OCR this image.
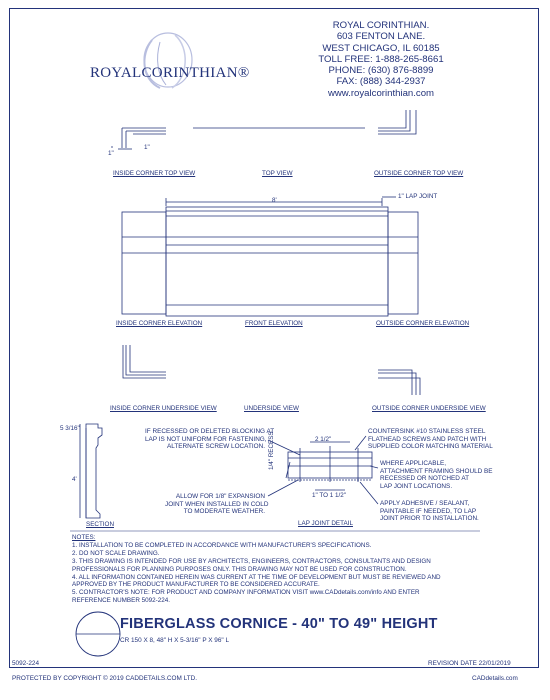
ROYALCORINTHIAN®
ROYAL CORINTHIAN.
603 FENTON LANE.
WEST CHICAGO, IL 60185
TOLL FREE: 1-888-265-8661
PHONE: (630) 876-8899
FAX: (888) 344-2937
www.royalcorinthian.com
INSIDE CORNER TOP VIEW	TOP VIEW	OUTSIDE CORNER TOP VIEW
INSIDE CORNER ELEVATION	FRONT ELEVATION	OUTSIDE CORNER ELEVATION
INSIDE CORNER UNDERSIDE VIEW	UNDERSIDE VIEW	OUTSIDE CORNER UNDERSIDE VIEW
SECTION	LAP JOINT DETAIL
1"
1"
8'
1" LAP JOINT
5 3/16"
4'
2 1/2"
1/4" RECESS
1" TO 1 1/2"
IF RECESSED OR DELETED BLOCKING AT
LAP IS NOT UNIFORM FOR FASTENING,
ALTERNATE SCREW LOCATION.
ALLOW FOR 1/8" EXPANSION
JOINT WHEN INSTALLED IN COLD
TO MODERATE WEATHER.
COUNTERSINK #10 STAINLESS STEEL
FLATHEAD SCREWS AND PATCH WITH
SUPPLIED COLOR MATCHING MATERIAL
WHERE APPLICABLE,
ATTACHMENT FRAMING SHOULD BE
RECESSED OR NOTCHED AT
LAP JOINT LOCATIONS.
APPLY ADHESIVE / SEALANT,
PAINTABLE IF NEEDED, TO LAP
JOINT PRIOR TO INSTALLATION.
NOTES:
1. INSTALLATION TO BE COMPLETED IN ACCORDANCE WITH MANUFACTURER'S SPECIFICATIONS.
2. DO NOT SCALE DRAWING.
3. THIS DRAWING IS INTENDED FOR USE BY ARCHITECTS, ENGINEERS, CONTRACTORS, CONSULTANTS AND DESIGN
PROFESSIONALS FOR PLANNING PURPOSES ONLY. THIS DRAWING MAY NOT BE USED FOR CONSTRUCTION.
4. ALL INFORMATION CONTAINED HEREIN WAS CURRENT AT THE TIME OF DEVELOPMENT BUT MUST BE REVIEWED AND
APPROVED BY THE PRODUCT MANUFACTURER TO BE CONSIDERED ACCURATE.
5. CONTRACTOR'S NOTE: FOR PRODUCT AND COMPANY INFORMATION VISIT www.CADdetails.com/info AND ENTER
REFERENCE NUMBER 5092-224.
FIBERGLASS CORNICE - 40" TO 49" HEIGHT
CR 150 X 8, 48" H X 5-3/16" P X 96" L
5092-224	REVISION DATE 22/01/2019
PROTECTED BY COPYRIGHT © 2019 CADDETAILS.COM LTD.	CADdetails.com
